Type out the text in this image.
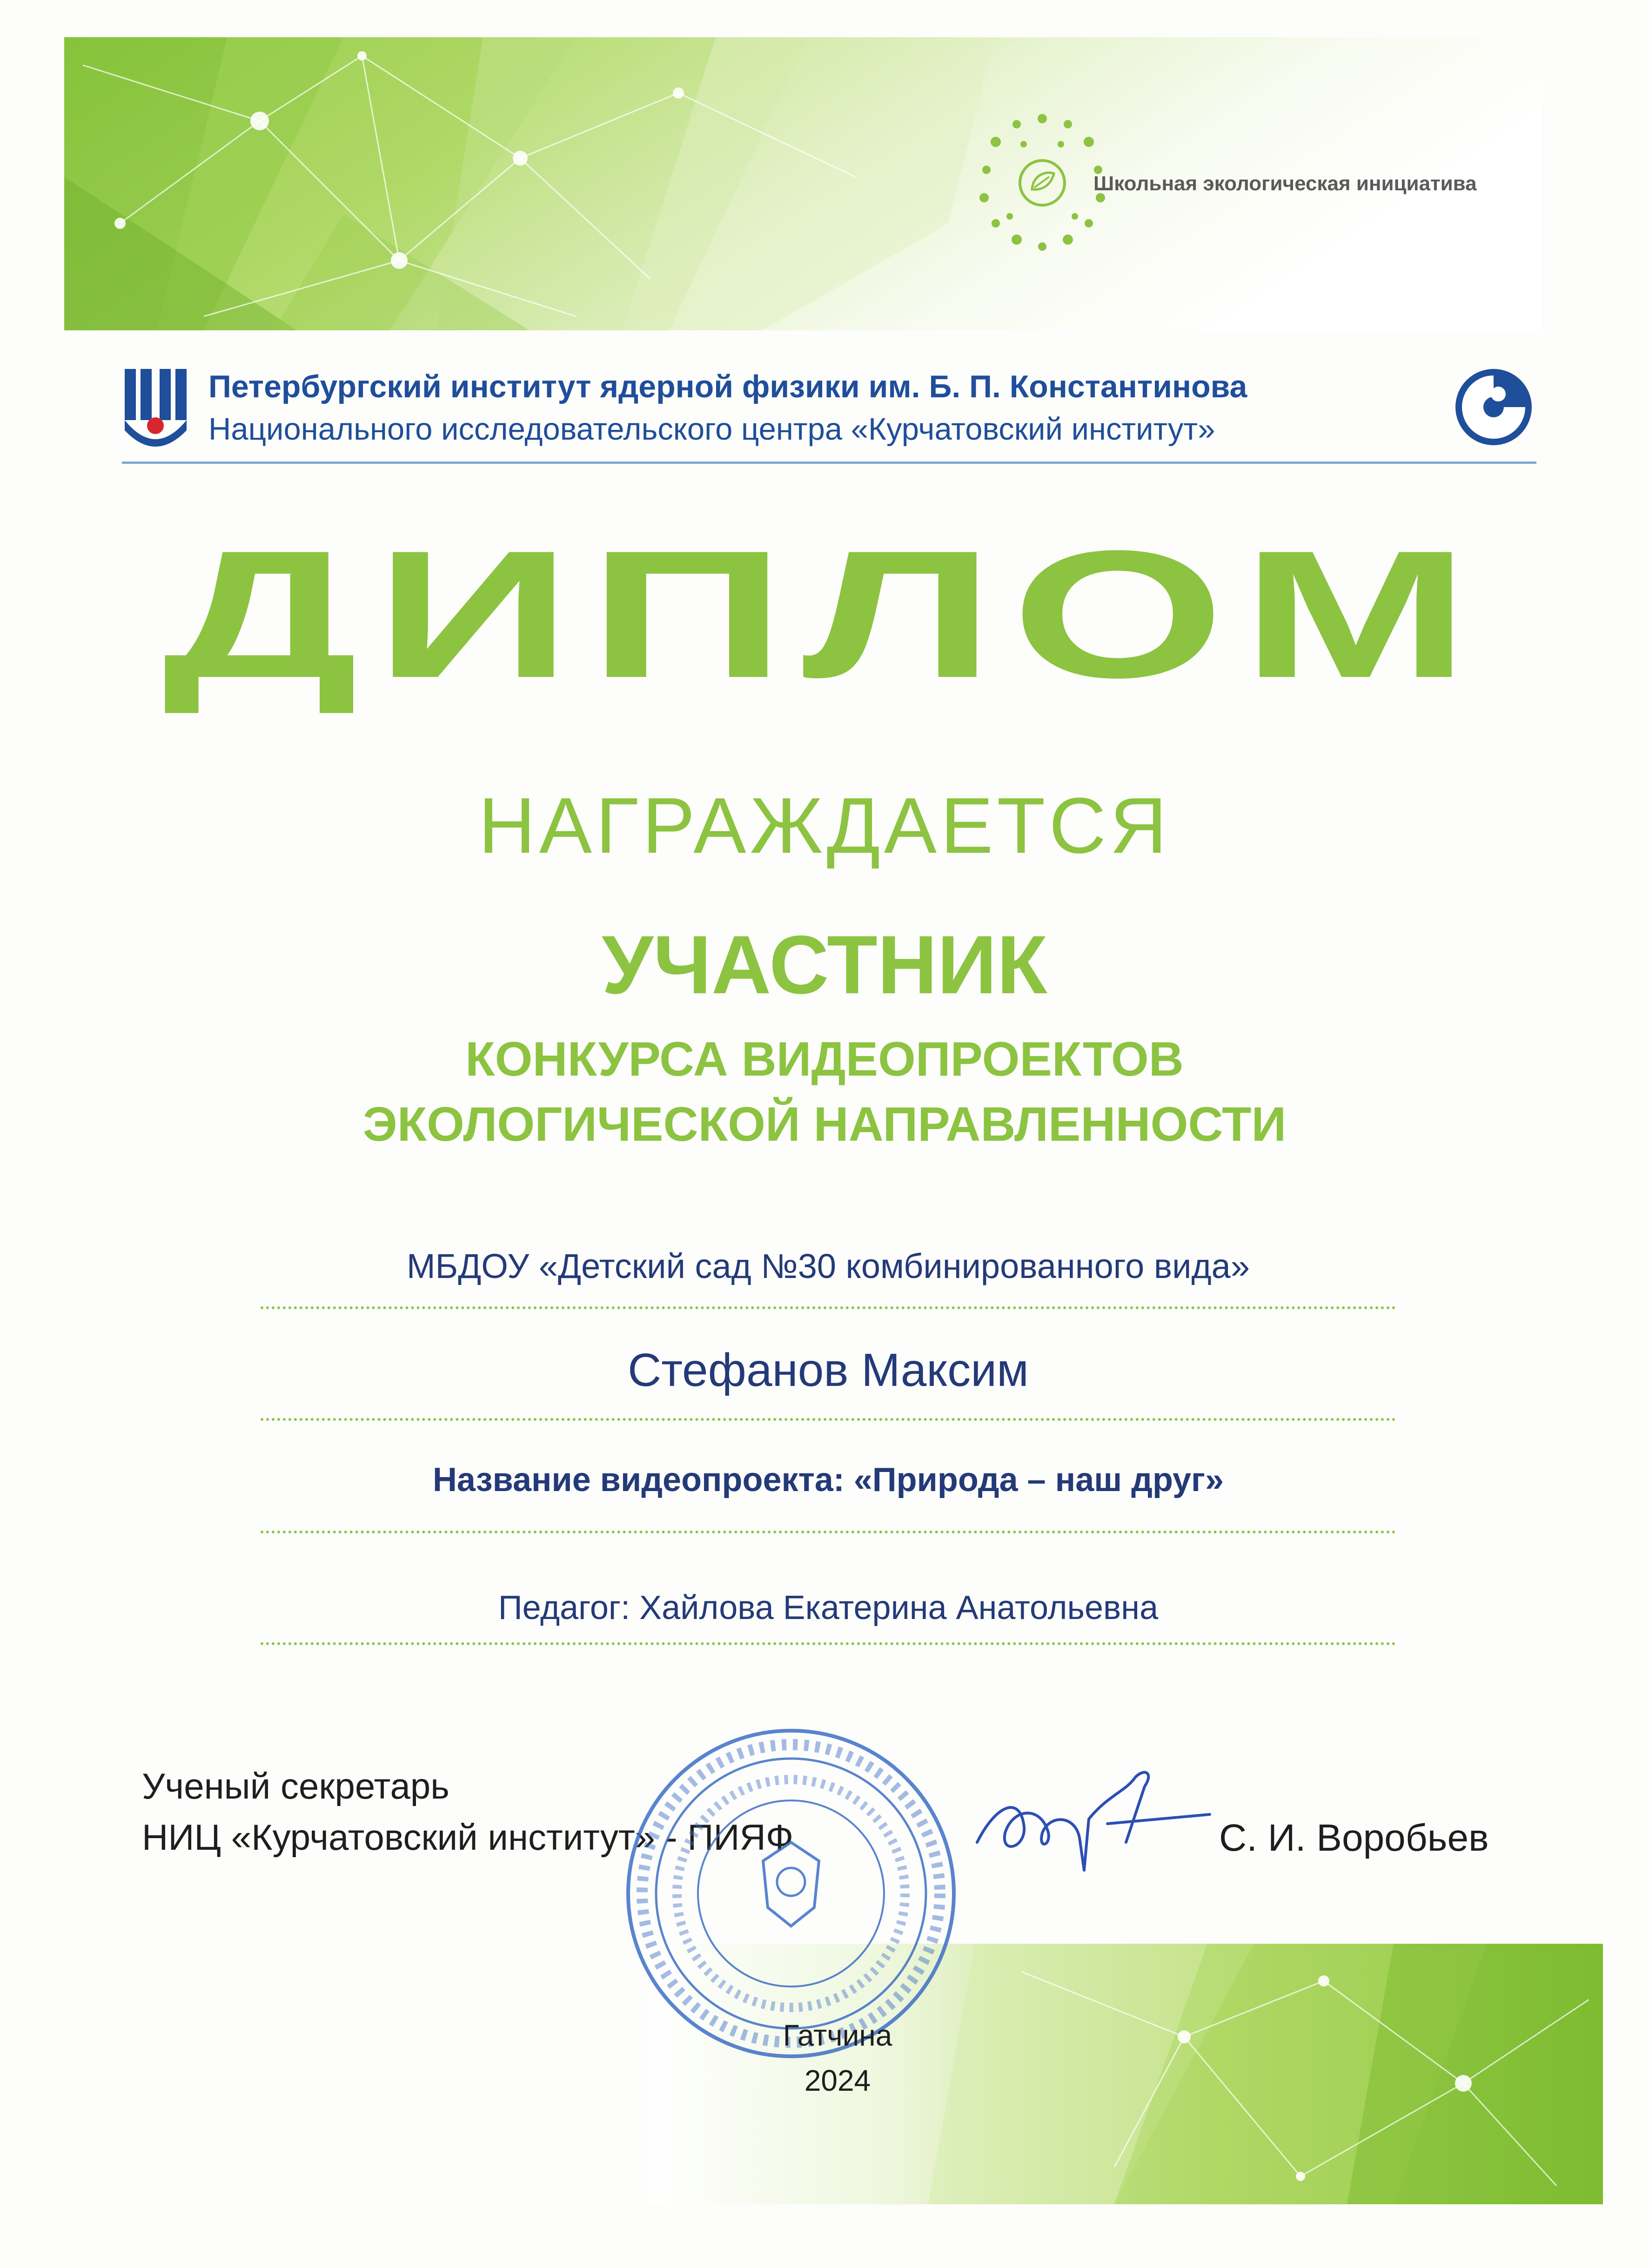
Школьная экологическая инициатива
Петербургский институт ядерной физики им. Б. П. Константинова
Национального исследовательского центра «Курчатовский институт»
ДИПЛОМ
НАГРАЖДАЕТСЯ
УЧАСТНИК
КОНКУРСА ВИДЕОПРОЕКТОВ
ЭКОЛОГИЧЕСКОЙ НАПРАВЛЕННОСТИ
МБДОУ «Детский сад №30 комбинированного вида»
Стефанов Максим
Название видеопроекта: «Природа – наш друг»
Педагог: Хайлова Екатерина Анатольевна
Ученый секретарь
НИЦ «Курчатовский институт» - ПИЯФ	С. И. Воробьев
Гатчина
2024
